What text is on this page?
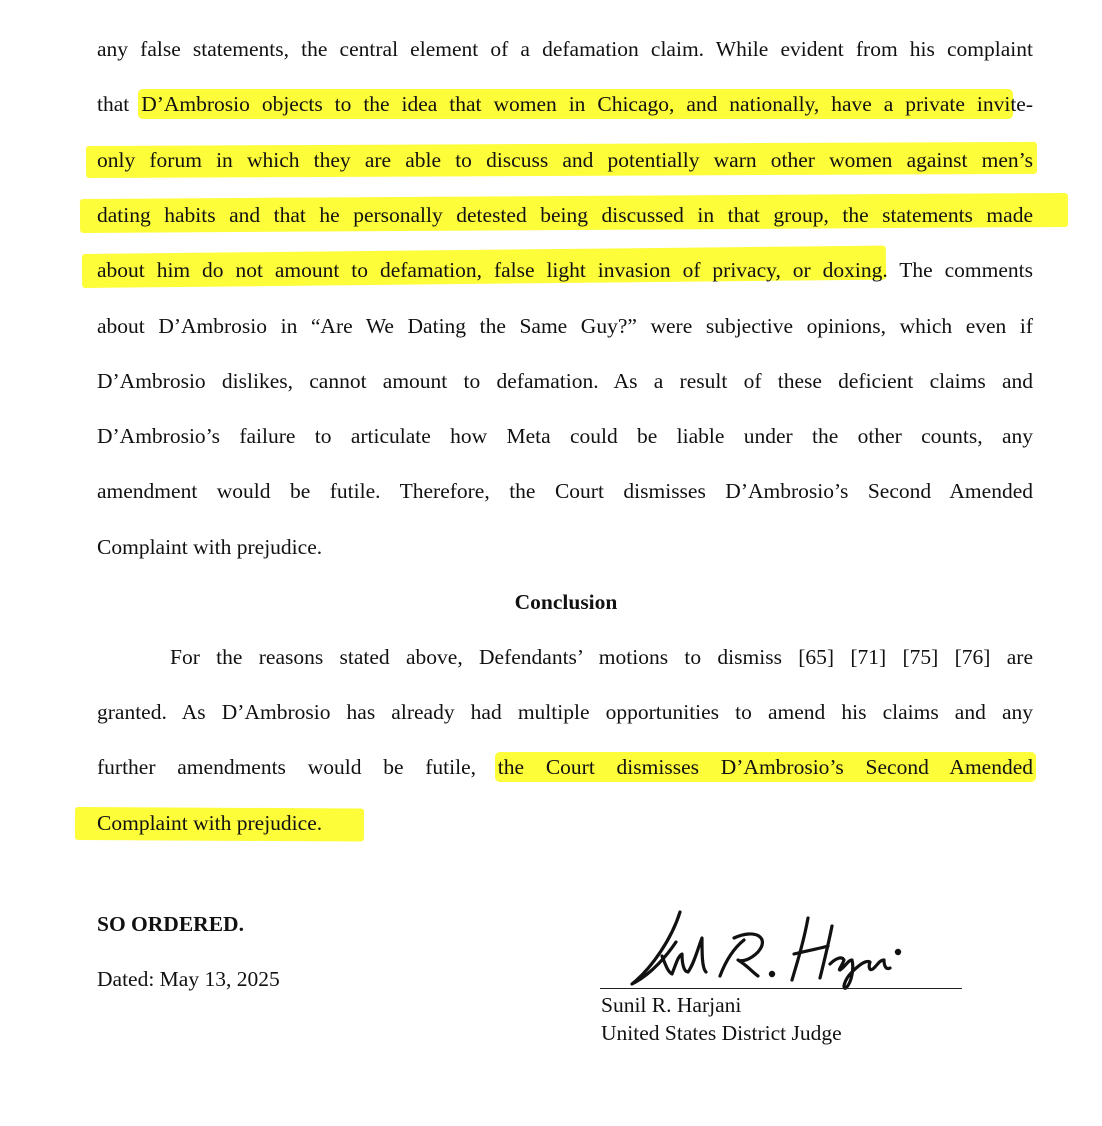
any false statements, the central element of a defamation claim. While evident from his complaint
that D’Ambrosio objects to the idea that women in Chicago, and nationally, have a private invite-
only forum in which they are able to discuss and potentially warn other women against men’s
dating habits and that he personally detested being discussed in that group, the statements made
about him do not amount to defamation, false light invasion of privacy, or doxing. The comments
about D’Ambrosio in “Are We Dating the Same Guy?” were subjective opinions, which even if
D’Ambrosio dislikes, cannot amount to defamation. As a result of these deficient claims and
D’Ambrosio’s failure to articulate how Meta could be liable under the other counts, any
amendment would be futile. Therefore, the Court dismisses D’Ambrosio’s Second Amended
Complaint with prejudice.
Conclusion
For the reasons stated above, Defendants’ motions to dismiss [65] [71] [75] [76] are
granted. As D’Ambrosio has already had multiple opportunities to amend his claims and any
further amendments would be futile, the Court dismisses D’Ambrosio’s Second Amended
Complaint with prejudice.
SO ORDERED.
Dated: May 13, 2025
Sunil R. Harjani
United States District Judge
